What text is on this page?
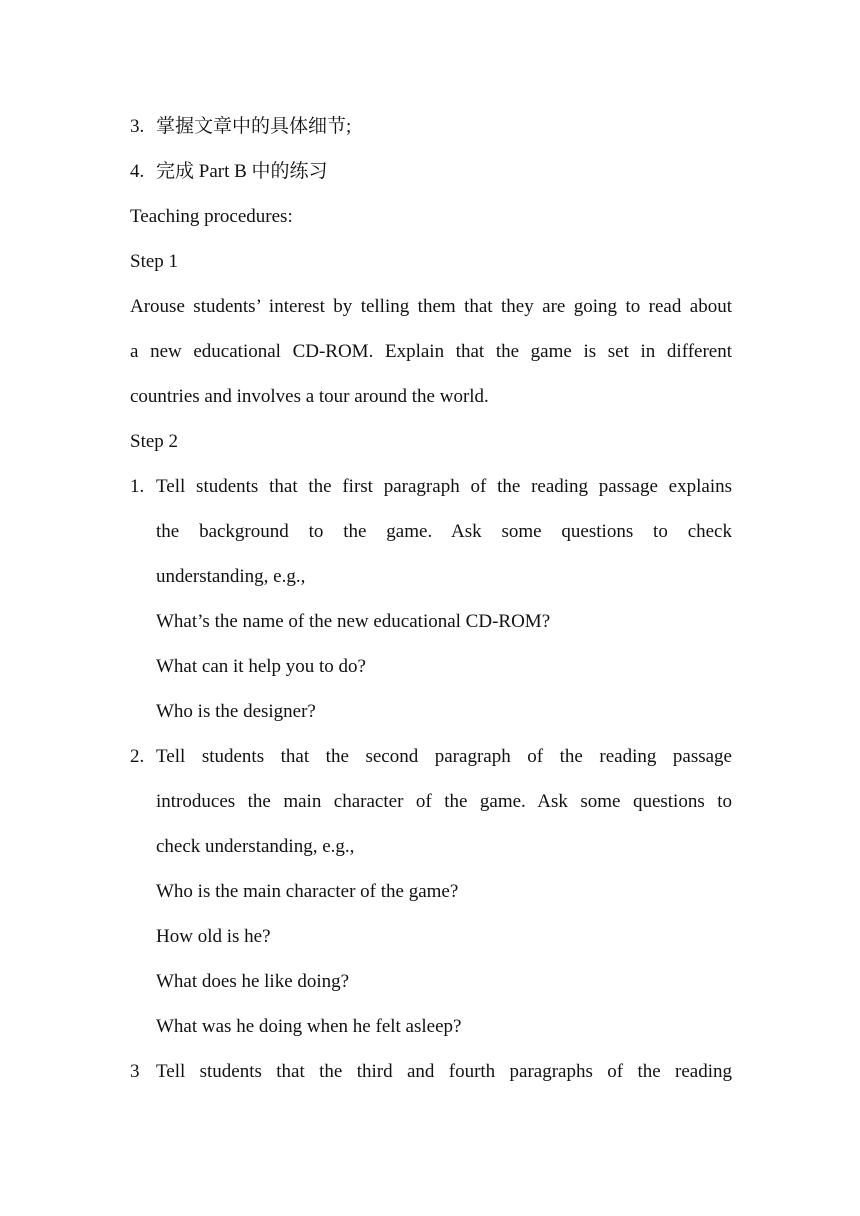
3. 掌握文章中的具体细节;
4. 完成 Part B 中的练习
Teaching procedures:
Step 1
Arouse students’ interest by telling them that they are going to read about
a new educational CD-ROM. Explain that the game is set in different
countries and involves a tour around the world.
Step 2
1. Tell students that the first paragraph of the reading passage explains
the background to the game. Ask some questions to check
understanding, e.g.,
What’s the name of the new educational CD-ROM?
What can it help you to do?
Who is the designer?
2. Tell students that the second paragraph of the reading passage
introduces the main character of the game. Ask some questions to
check understanding, e.g.,
Who is the main character of the game?
How old is he?
What does he like doing?
What was he doing when he felt asleep?
3 Tell students that the third and fourth paragraphs of the reading
